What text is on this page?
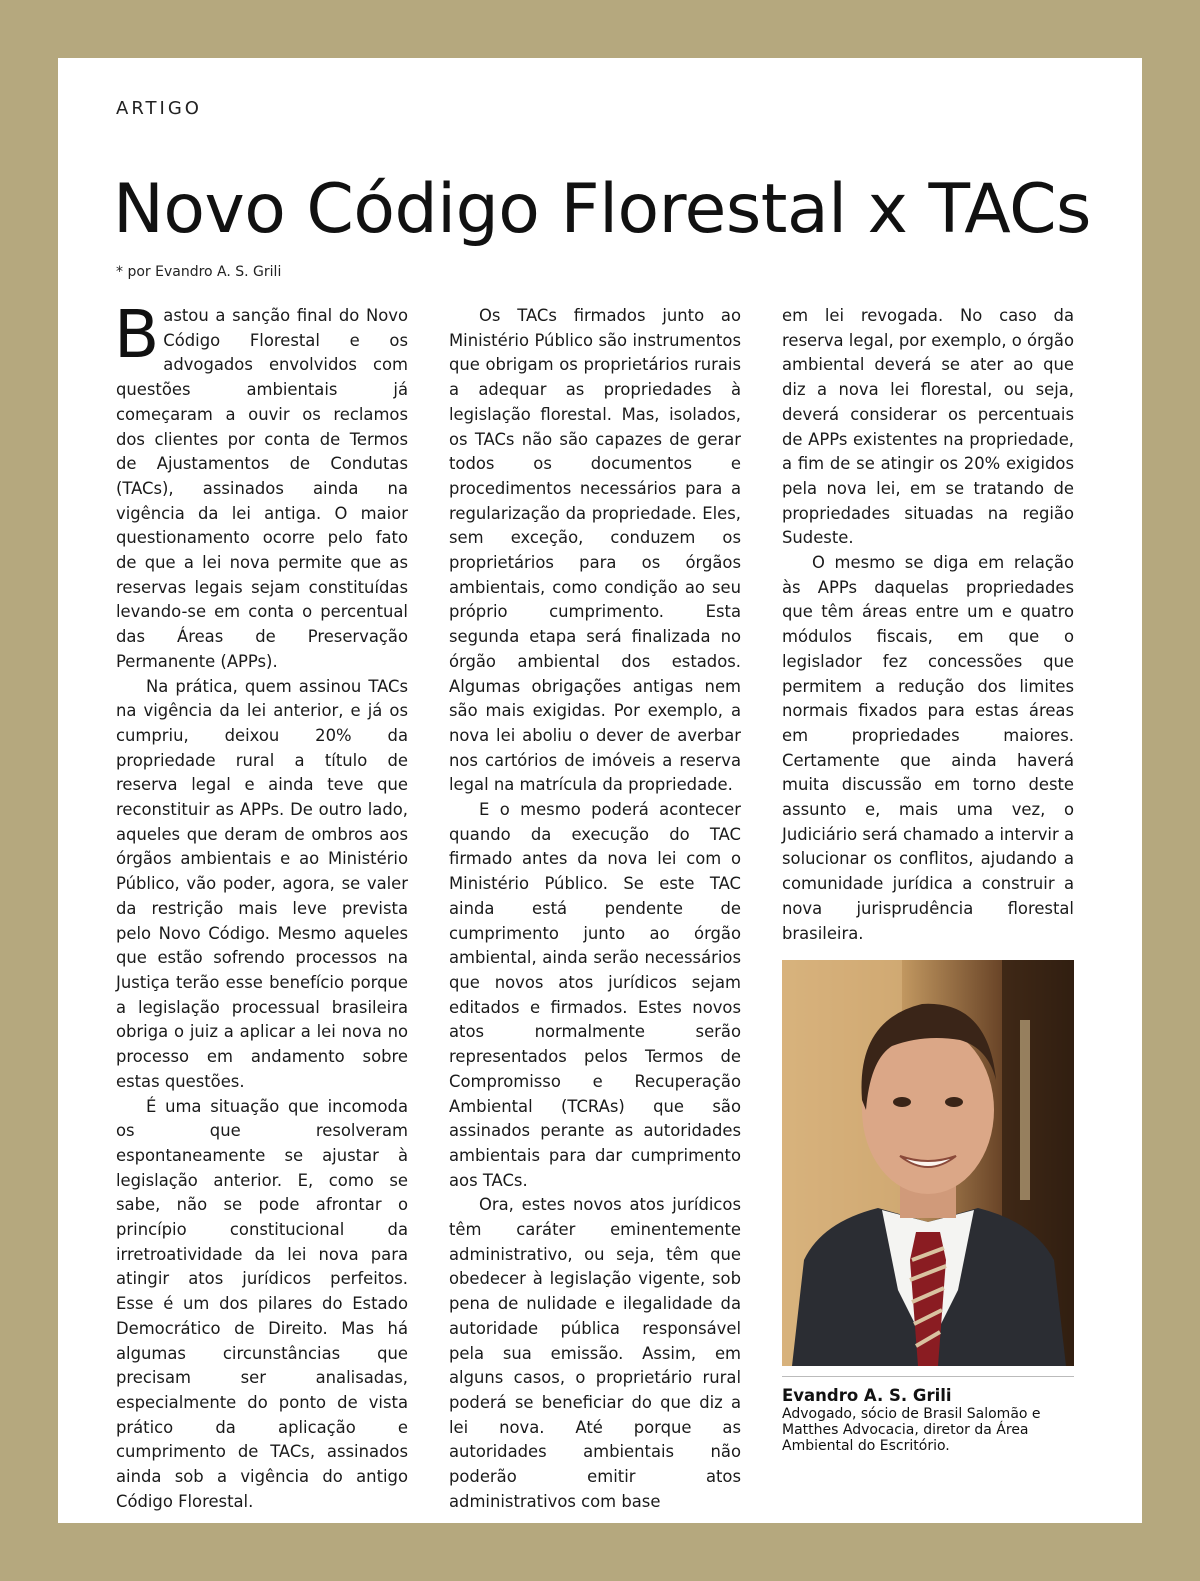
ARTIGO
Novo Código Florestal x TACs
* por Evandro A. S. Grili

Bastou a sanção final do Novo Código Florestal e os advogados envolvidos com questões ambientais já começaram a ouvir os reclamos dos clientes por conta de Termos de Ajustamentos de Condutas (TACs), assinados ainda na vigência da lei antiga. O maior questionamento ocorre pelo fato de que a lei nova permite que as reservas legais sejam constituídas levando-se em conta o percentual das Áreas de Preservação Permanente (APPs).

Na prática, quem assinou TACs na vigência da lei anterior, e já os cumpriu, deixou 20% da propriedade rural a título de reserva legal e ainda teve que reconstituir as APPs. De outro lado, aqueles que deram de ombros aos órgãos ambientais e ao Ministério Público, vão poder, agora, se valer da restrição mais leve prevista pelo Novo Código. Mesmo aqueles que estão sofrendo processos na Justiça terão esse benefício porque a legislação processual brasileira obriga o juiz a aplicar a lei nova no processo em andamento sobre estas questões.

É uma situação que incomoda os que resolveram espontaneamente se ajustar à legislação anterior. E, como se sabe, não se pode afrontar o princípio constitucional da irretroatividade da lei nova para atingir atos jurídicos perfeitos. Esse é um dos pilares do Estado Democrático de Direito. Mas há algumas circunstâncias que precisam ser analisadas, especialmente do ponto de vista prático da aplicação e cumprimento de TACs, assinados ainda sob a vigência do antigo Código Florestal.

Os TACs firmados junto ao Ministério Público são instrumentos que obrigam os proprietários rurais a adequar as propriedades à legislação florestal. Mas, isolados, os TACs não são capazes de gerar todos os documentos e procedimentos necessários para a regularização da propriedade. Eles, sem exceção, conduzem os proprietários para os órgãos ambientais, como condição ao seu próprio cumprimento. Esta segunda etapa será finalizada no órgão ambiental dos estados. Algumas obrigações antigas nem são mais exigidas. Por exemplo, a nova lei aboliu o dever de averbar nos cartórios de imóveis a reserva legal na matrícula da propriedade.

E o mesmo poderá acontecer quando da execução do TAC firmado antes da nova lei com o Ministério Público. Se este TAC ainda está pendente de cumprimento junto ao órgão ambiental, ainda serão necessários que novos atos jurídicos sejam editados e firmados. Estes novos atos normalmente serão representados pelos Termos de Compromisso e Recuperação Ambiental (TCRAs) que são assinados perante as autoridades ambientais para dar cumprimento aos TACs.

Ora, estes novos atos jurídicos têm caráter eminentemente administrativo, ou seja, têm que obedecer à legislação vigente, sob pena de nulidade e ilegalidade da autoridade pública responsável pela sua emissão. Assim, em alguns casos, o proprietário rural poderá se beneficiar do que diz a lei nova. Até porque as autoridades ambientais não poderão emitir atos administrativos com base

em lei revogada. No caso da reserva legal, por exemplo, o órgão ambiental deverá se ater ao que diz a nova lei florestal, ou seja, deverá considerar os percentuais de APPs existentes na propriedade, a fim de se atingir os 20% exigidos pela nova lei, em se tratando de propriedades situadas na região Sudeste.

O mesmo se diga em relação às APPs daquelas propriedades que têm áreas entre um e quatro módulos fiscais, em que o legislador fez concessões que permitem a redução dos limites normais fixados para estas áreas em propriedades maiores. Certamente que ainda haverá muita discussão em torno deste assunto e, mais uma vez, o Judiciário será chamado a intervir a solucionar os conflitos, ajudando a comunidade jurídica a construir a nova jurisprudência florestal brasileira.

Evandro A. S. Grili
Advogado, sócio de Brasil Salomão e Matthes Advocacia, diretor da Área Ambiental do Escritório.
